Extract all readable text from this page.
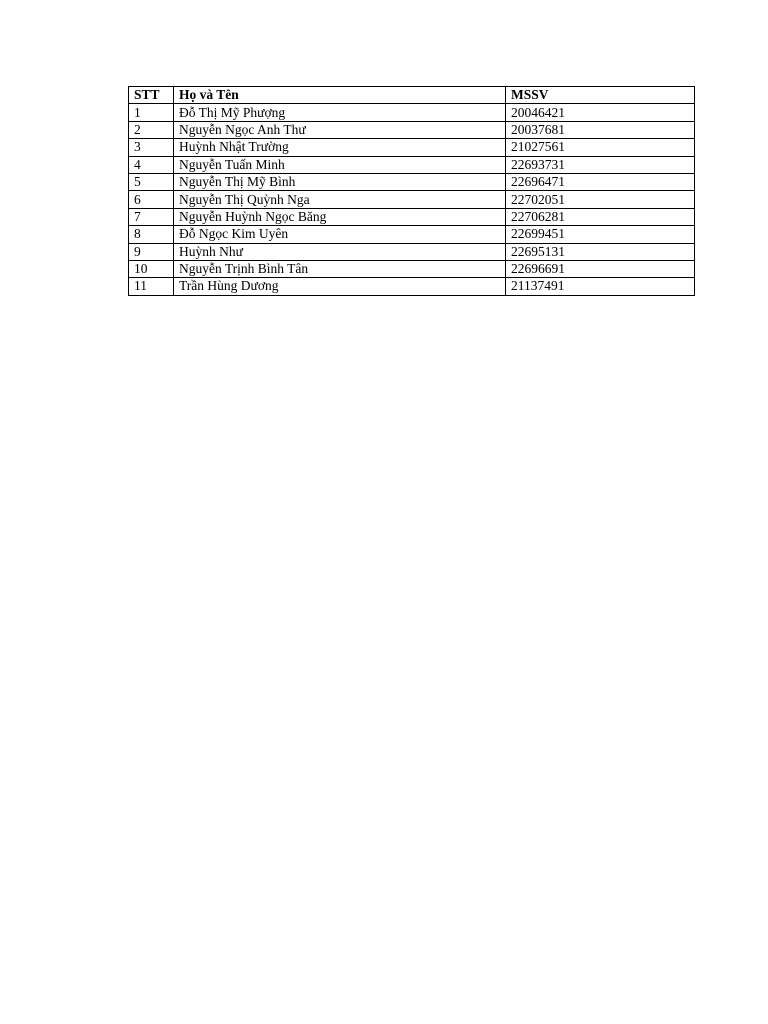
STT	Họ và Tên	MSSV
1	Đỗ Thị Mỹ Phượng	20046421
2	Nguyễn Ngọc Anh Thư	20037681
3	Huỳnh Nhật Trường	21027561
4	Nguyễn Tuấn Minh	22693731
5	Nguyễn Thị Mỹ Bình	22696471
6	Nguyễn Thị Quỳnh Nga	22702051
7	Nguyễn Huỳnh Ngọc Băng	22706281
8	Đỗ Ngọc Kim Uyên	22699451
9	Huỳnh Như	22695131
10	Nguyễn Trịnh Bình Tân	22696691
11	Trần Hùng Dương	21137491
